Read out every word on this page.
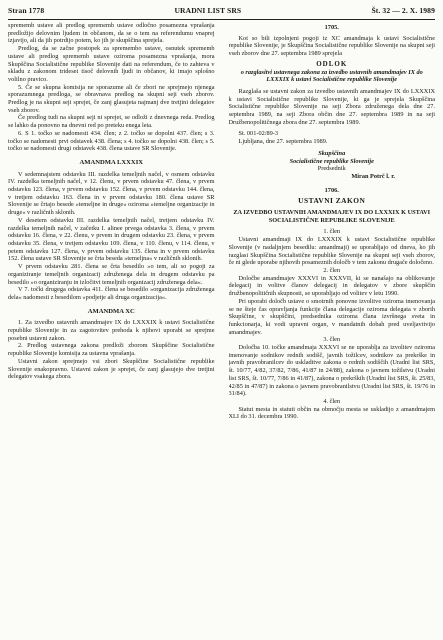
Stran 1778	URADNI LIST SRS	Št. 32 — 2. X. 1989

sprememb ustave ali predlog sprememb ustave odločno posamezna vprašanja predložijo delovnim ljudem in občanom, da se o tem na referendumu vnaprej izjavijo, ali da jih potrdijo potem, ko jih je skupščina sprejela.

Predlog, da se začne postopek za spremembo ustave, osnutek sprememb ustave ali predlog sprememb ustave oziroma posamezna vprašanja, mora Skupščina Socialistične republike Slovenije dati na referendum, če to zahteva v skladu z zakonom trideset tisoč delovnih ljudi in občanov, ki imajo splošno volilno pravico.

5. Če se skupna komisija ne sporazume ali če zbori ne sprejmejo njenega sporazumnega predloga, se obravnava predlog na skupni seji vseh zborov. Predlog je na skupni seji sprejet, če zanj glasujeta najmanj dve tretjini delegatov vseh zborov.

Če predlog tudi na skupni seji ni sprejet, se odloži z dnevnega reda. Predlog se lahko da ponovno na dnevni red po preteku enega leta.

6. S 1. točko se nadomesti 434. člen; z 2. točko se dopolni 437. člen; s 3. točko se nadomesti prvi odstavek 438. člena; s 4. točko se dopolni 438. člen; s 5. točko se nadomesti drugi odstavek 438. člena ustave SR Slovenije.

AMANDMA LXXXIX

V sedemnajstem odstavku III. razdelka temeljnih načel, v osmem odstavku IV. razdelka temeljnih načel, v 12. členu, v prvem odstavku 47. člena, v prvem odstavku 123. člena, v prvem odstavku 152. člena, v prvem odstavku 144. člena, v tretjem odstavku 163. člena in v prvem odstavku 180. člena ustave SR Slovenije se črtajo besede »temeljne in druge« oziroma »temeljne organizacije in druge« v različnih sklonih.

V desetem odstavku III. razdelka temeljnih načel, tretjem odstavku IV. razdelka temeljnih načel, v začetku I. alinee prvega odstavka 3. člena, v prvem odstavku 16. člena, v 22. členu, v prvem in drugem odstavku 23. člena, v prvem odstavku 35. člena, v tretjem odstavku 109. člena, v 110. členu, v 114. členu, v petem odstavku 127. člena, v prvem odstavku 135. člena in v prvem odstavku 152. člena ustave SR Slovenije se črta beseda »temeljna« v različnih sklonih.

V prvem odstavku 281. člena se črta besedilo »o tem, ali so pogoji za organiziranje temeljnih organizacij združenega dela in drugem odstavku pa besedilo »o organiziranju in izločitvi temeljnih organizacij združenega dela«.

V 7. točki drugega odstavka 411. člena se besedilo »organizacija združenega dela« nadomesti z besedilom »podjetje ali druga organizacija«.

AMANDMA XC

1. Za izvedbo ustavnih amandmajev IX do LXXXIX k ustavi Socialistične republike Slovenije in za zagotovitev prehoda k njihovi uporabi se sprejme posebni ustavni zakon.

2. Predlog ustavnega zakona predloži zborom Skupščine Socialistične republike Slovenije komisija za ustavna vprašanja.

Ustavni zakon sprejmejo vsi zbori Skupščine Socialistične republike Slovenije enakopravno. Ustavni zakon je sprejet, če zanj glasujejo dve tretjini delegatov vsakega zbora.

1705.

Kot so bili izpolnjeni pogoji iz XC amandmaja k ustavi Socialistične republike Slovenije, je Skupščina Socialistične republike Slovenije na skupni seji vseh zborov dne 27. septembra 1989 sprejela

ODLOK
o razglasitvi ustavnega zakona za izvedbo ustavnih amandmajev IX do LXXXIX k ustavi Socialistične republike Slovenije

Razglaša se ustavni zakon za izvedbo ustavnih amandmajev IX do LXXXIX k ustavi Socialistične republike Slovenije, ki ga je sprejela Skupščina Socialistične republike Slovenije na seji Zbora združenega dela dne 27. septembra 1989, na seji Zbora občin dne 27. septembra 1989 in na seji Družbenopolitičnega zbora dne 27. septembra 1989.

St. 001-02/89-3

Ljubljana, dne 27. septembra 1989.

Skupščina
Socialistične republike Slovenije
Predsednik
Miran Potrč l. r.
1706.
USTAVNI ZAKON
ZA IZVEDBO USTAVNIH AMANDMAJEV IX DO LXXXIX K USTAVI SOCIALISTIČNE REPUBLIKE SLOVENIJE

1. člen

Ustavni amandmaji IX do LXXXIX k ustavi Socialistične republike Slovenije (v nadaljnjem besedilu: amandmaji) se uporabljajo od dneva, ko jih razglasi Skupščina Socialistične republike Slovenije na skupni seji vseh zborov, če ni glede uporabe njihovih posameznih določb v tem zakonu drugače določeno.

2. člen

Določbe amandmajev XXXVI in XXXVII, ki se nanašajo na oblikovanje delegacij in volitve članov delegacij in delegatov v zbore skupščin družbenopolitičnih skupnosti, se uporabljajo od volitev v letu 1990.

Pri uporabi določb ustave o smotrnih ponovne izvolitve oziroma imenovanja se ne šteje čas opravljanja funkcije člana delegacije oziroma delegata v zborih Skupščine, v skupščini, predsednika oziroma člana izvršnega sveta in funkcionarja, ki vodi upravni organ, v mandatnih dobah pred uveljavitvijo amandmajev.

3. člen

Določba 10. točke amandmaja XXXVI se ne uporablja za izvolitev oziroma imenovanje sodnikov rednih sodišč, javnih tožilcev, sodnikov za prekrške in javnih pravobranilcev do uskladitve zakona o rednih sodiščih (Uradni list SRS, št. 10/77, 4/82, 37/82, 7/86, 41/87 in 24/88), zakona o javnem tožilstvu (Uradni list SRS, št. 10/77, 7/86 in 41/87), zakona o prekrških (Uradni list SRS, št. 25/83, 42/85 in 47/87) in zakona o javnem pravobranilstvu (Uradni list SRS, št. 19/76 in 31/84).

4. člen

Statut mesta in statuti občin na območju mesta se uskladijo z amandmajem XLI do 31. decembra 1990.
